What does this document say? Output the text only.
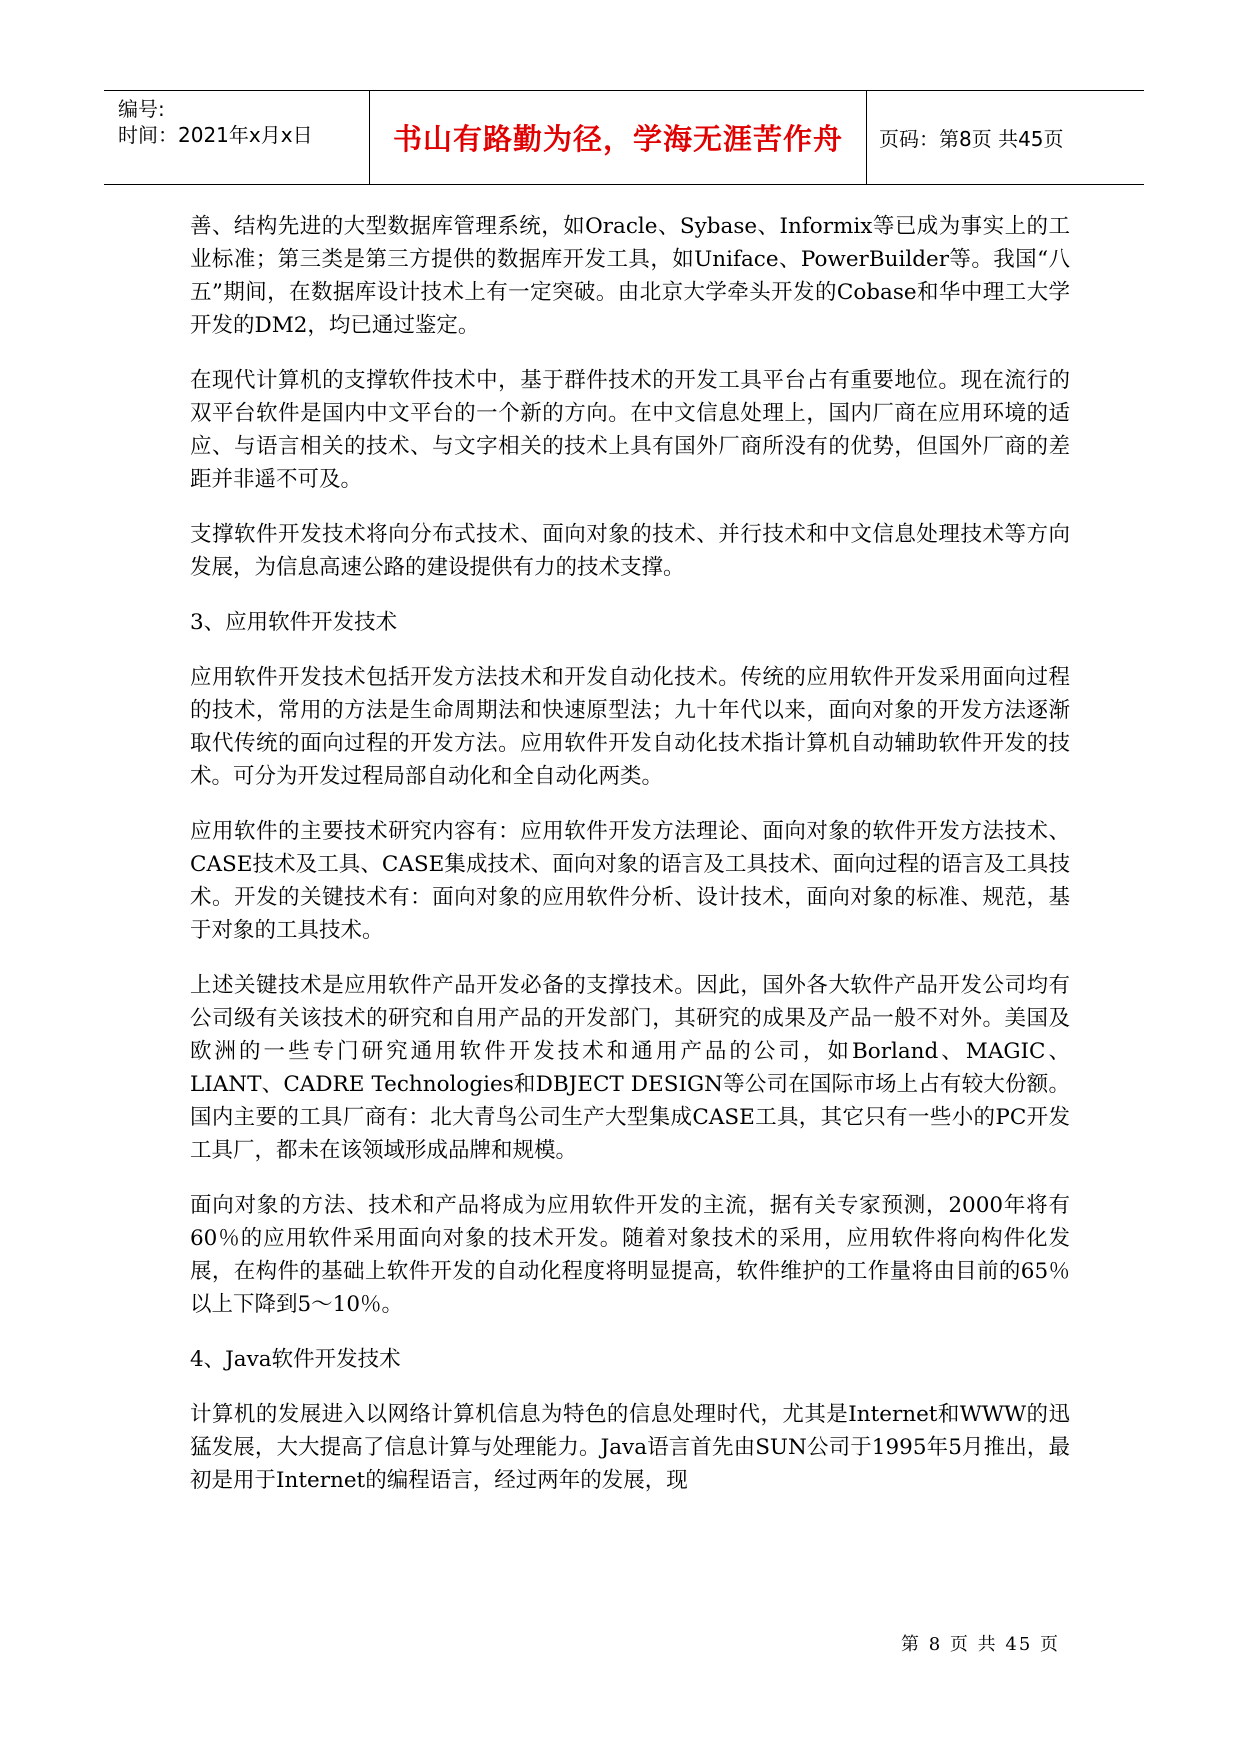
编号:
时间：2021年x月x日	书山有路勤为径，学海无涯苦作舟 页码：第8页 共45页

善、结构先进的大型数据库管理系统，如Oracle、Sybase、Informix等已成为事实上的工业标准；第三类是第三方提供的数据库开发工具，如Uniface、PowerBuilder等。我国“八五”期间，在数据库设计技术上有一定突破。由北京大学牵头开发的Cobase和华中理工大学开发的DM2，均已通过鉴定。

在现代计算机的支撑软件技术中，基于群件技术的开发工具平台占有重要地位。现在流行的双平台软件是国内中文平台的一个新的方向。在中文信息处理上，国内厂商在应用环境的适应、与语言相关的技术、与文字相关的技术上具有国外厂商所没有的优势，但国外厂商的差距并非遥不可及。

支撑软件开发技术将向分布式技术、面向对象的技术、并行技术和中文信息处理技术等方向发展，为信息高速公路的建设提供有力的技术支撑。

3、应用软件开发技术

应用软件开发技术包括开发方法技术和开发自动化技术。传统的应用软件开发采用面向过程的技术，常用的方法是生命周期法和快速原型法；九十年代以来，面向对象的开发方法逐渐取代传统的面向过程的开发方法。应用软件开发自动化技术指计算机自动辅助软件开发的技术。可分为开发过程局部自动化和全自动化两类。

应用软件的主要技术研究内容有：应用软件开发方法理论、面向对象的软件开发方法技术、CASE技术及工具、CASE集成技术、面向对象的语言及工具技术、面向过程的语言及工具技术。开发的关键技术有：面向对象的应用软件分析、设计技术，面向对象的标准、规范，基于对象的工具技术。

上述关键技术是应用软件产品开发必备的支撑技术。因此，国外各大软件产品开发公司均有公司级有关该技术的研究和自用产品的开发部门，其研究的成果及产品一般不对外。美国及欧洲的一些专门研究通用软件开发技术和通用产品的公司，如Borland、MAGIC、LIANT、CADRE Technologies和DBJECT DESIGN等公司在国际市场上占有较大份额。国内主要的工具厂商有：北大青鸟公司生产大型集成CASE工具，其它只有一些小的PC开发工具厂，都未在该领域形成品牌和规模。

面向对象的方法、技术和产品将成为应用软件开发的主流，据有关专家预测，2000年将有60％的应用软件采用面向对象的技术开发。随着对象技术的采用，应用软件将向构件化发展，在构件的基础上软件开发的自动化程度将明显提高，软件维护的工作量将由目前的65％以上下降到5～10％。

4、Java软件开发技术

计算机的发展进入以网络计算机信息为特色的信息处理时代，尤其是Internet和WWW的迅猛发展，大大提高了信息计算与处理能力。Java语言首先由SUN公司于1995年5月推出，最初是用于Internet的编程语言，经过两年的发展，现

第 8 页 共 45 页
